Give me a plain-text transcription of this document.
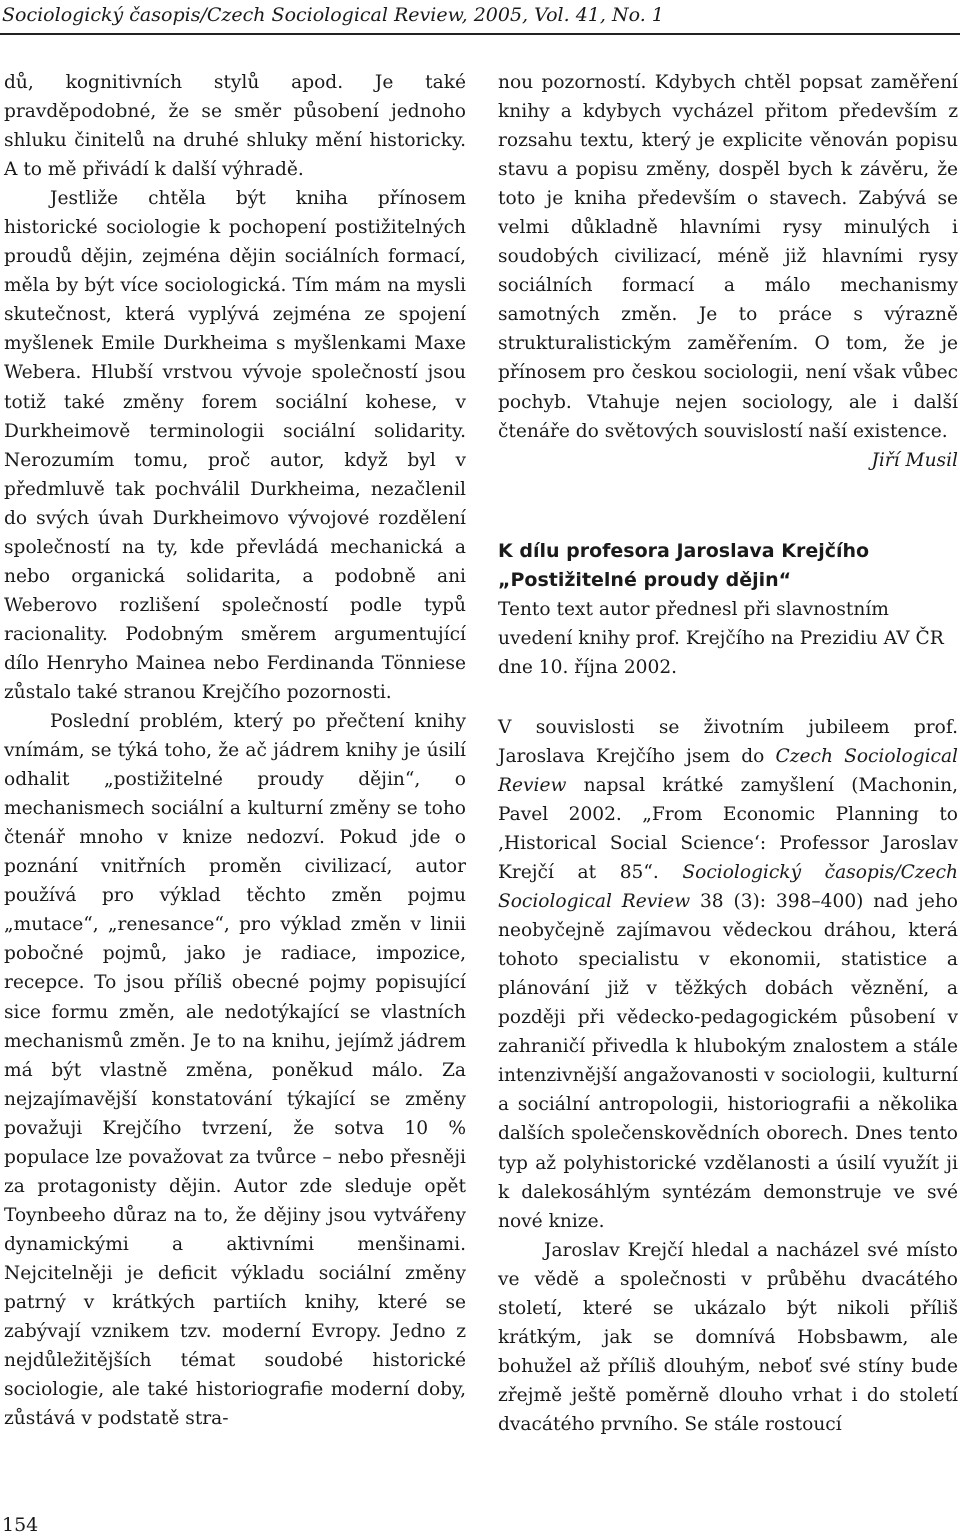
Sociologický časopis/Czech Sociological Review, 2005, Vol. 41, No. 1

dů, kognitivních stylů apod. Je také pravděpodobné, že se směr působení jednoho shluku činitelů na druhé shluky mění historicky. A to mě přivádí k další výhradě.

Jestliže chtěla být kniha přínosem historické sociologie k pochopení postižitelných proudů dějin, zejména dějin sociálních formací, měla by být více sociologická. Tím mám na mysli skutečnost, která vyplývá zejména ze spojení myšlenek Emile Durkheima s myšlenkami Maxe Webera. Hlubší vrstvou vývoje společností jsou totiž také změny forem sociální kohese, v Durkheimově terminologii sociální solidarity. Nerozumím tomu, proč autor, když byl v předmluvě tak pochválil Durkheima, nezačlenil do svých úvah Durkheimovo vývojové rozdělení společností na ty, kde převládá mechanická a nebo organická solidarita, a podobně ani Weberovo rozlišení společností podle typů racionality. Podobným směrem argumentující dílo Henryho Mainea nebo Ferdinanda Tönniese zůstalo také stranou Krejčího pozornosti.

Poslední problém, který po přečtení knihy vnímám, se týká toho, že ač jádrem knihy je úsilí odhalit „postižitelné proudy dějin“, o mechanismech sociální a kulturní změny se toho čtenář mnoho v knize nedozví. Pokud jde o poznání vnitřních proměn civilizací, autor používá pro výklad těchto změn pojmu „mutace“, „renesance“, pro výklad změn v linii pobočné pojmů, jako je radiace, impozice, recepce. To jsou příliš obecné pojmy popisující sice formu změn, ale nedotýkající se vlastních mechanismů změn. Je to na knihu, jejímž jádrem má být vlastně změna, poněkud málo. Za nejzajímavější konstatování týkající se změny považuji Krejčího tvrzení, že sotva 10 % populace lze považovat za tvůrce – nebo přesněji za protagonisty dějin. Autor zde sleduje opět Toynbeeho důraz na to, že dějiny jsou vytvářeny dynamickými a aktivními menšinami. Nejcitelněji je deficit výkladu sociální změny patrný v krátkých partiích knihy, které se zabývají vznikem tzv. moderní Evropy. Jedno z nejdůležitějších témat soudobé historické sociologie, ale také historiografie moderní doby, zůstává v podstatě stra-

nou pozorností. Kdybych chtěl popsat zaměření knihy a kdybych vycházel přitom především z rozsahu textu, který je explicite věnován popisu stavu a popisu změny, dospěl bych k závěru, že toto je kniha především o stavech. Zabývá se velmi důkladně hlavními rysy minulých i soudobých civilizací, méně již hlavními rysy sociálních formací a málo mechanismy samotných změn. Je to práce s výrazně strukturalistickým zaměřením. O tom, že je přínosem pro českou sociologii, není však vůbec pochyb. Vtahuje nejen sociology, ale i další čtenáře do světových souvislostí naší existence.

Jiří Musil

K dílu profesora Jaroslava Krejčího
„Postižitelné proudy dějin“

Tento text autor přednesl při slavnostním uvedení knihy prof. Krejčího na Prezidiu AV ČR dne 10. října 2002.

V souvislosti se životním jubileem prof. Jaroslava Krejčího jsem do Czech Sociological Review napsal krátké zamyšlení (Machonin, Pavel 2002. „From Economic Planning to ‚Historical Social Science‘: Professor Jaroslav Krejčí at 85“. Sociologický časopis/Czech Sociological Review 38 (3): 398–400) nad jeho neobyčejně zajímavou vědeckou dráhou, která tohoto specialistu v ekonomii, statistice a plánování již v těžkých dobách věznění, a později při vědecko-pedagogickém působení v zahraničí přivedla k hlubokým znalostem a stále intenzivnější angažovanosti v sociologii, kulturní a sociální antropologii, historiografii a několika dalších společenskovědních oborech. Dnes tento typ až polyhistorické vzdělanosti a úsilí využít ji k dalekosáhlým syntézám demonstruje ve své nové knize.

Jaroslav Krejčí hledal a nacházel své místo ve vědě a společnosti v průběhu dvacátého století, které se ukázalo být nikoli příliš krátkým, jak se domnívá Hobsbawm, ale bohužel až příliš dlouhým, neboť své stíny bude zřejmě ještě poměrně dlouho vrhat i do století dvacátého prvního. Se stále rostoucí

154
